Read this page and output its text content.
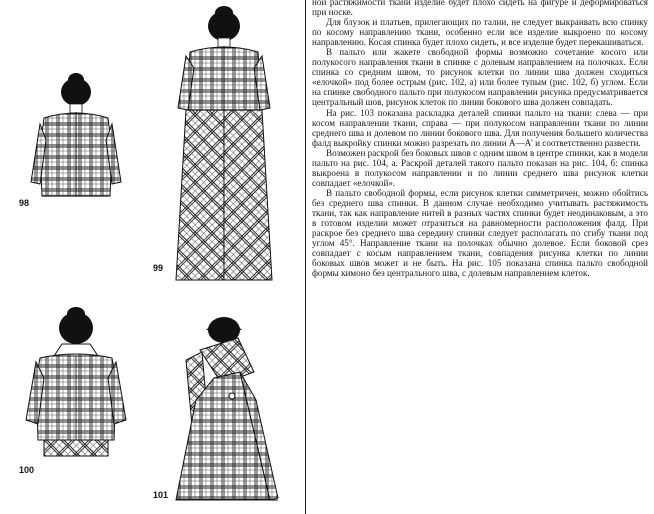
98
99
100
101

ной растяжимости ткани изделие будет плохо сидеть на фигуре и деформироваться при носке.

Для блузок и платьев, прилегающих по талии, не следует выкраивать всю спинку по косому направлению ткани, особенно если все изделие выкроено по косому направлению. Косая спинка будет плохо сидеть, и все изделие будет перекашиваться.

В пальто или жакете свободной формы возможно сочетание косого или полукосого направления ткани в спинке с долевым направлением на полочках. Если спинка со средним швом, то рисунок клетки по линии шва должен сходиться «елочкой» под более острым (рис. 102, а) или более тупым (рис. 102, б) углом. Если на спинке свободного пальто при полукосом направлении рисунка предусматривается центральный шов, рисунок клеток по линии бокового шва должен совпадать.

На рис. 103 показана раскладка деталей спинки пальто на ткани: слева — при косом направлении ткани, справа — при полукосом направлении ткани по линии среднего шва и долевом по линии бокового шва. Для получения большего количества фалд выкройку спинки можно разрезать по линии А—А' и соответственно развести.

Возможен раскрой без боковых швов с одним швом в центре спинки, как в модели пальто на рис. 104, а. Раскрой деталей такого пальто показан на рис. 104, б: спинка выкроена в полукосом направлении и по линии среднего шва рисунок клетки совпадает «елочкой».

В пальто свободной формы, если рисунок клетки симметричен, можно обойтись без среднего шва спинки. В данном случае необходимо учитывать растяжимость ткани, так как направление нитей в разных частях спинки будет неодинаковым, а это в готовом изделии может отразиться на равномерности расположения фалд. При раскрое без среднего шва середину спинки следует располагать по сгибу ткани под углом 45°. Направление ткани на полочках обычно долевое. Если боковой срез совпадает с косым направлением ткани, совпадения рисунка клетки по линии боковых швов может и не быть. На рис. 105 показана спинка пальто свободной формы кимоно без центрального шва, с долевым направлением клеток.
